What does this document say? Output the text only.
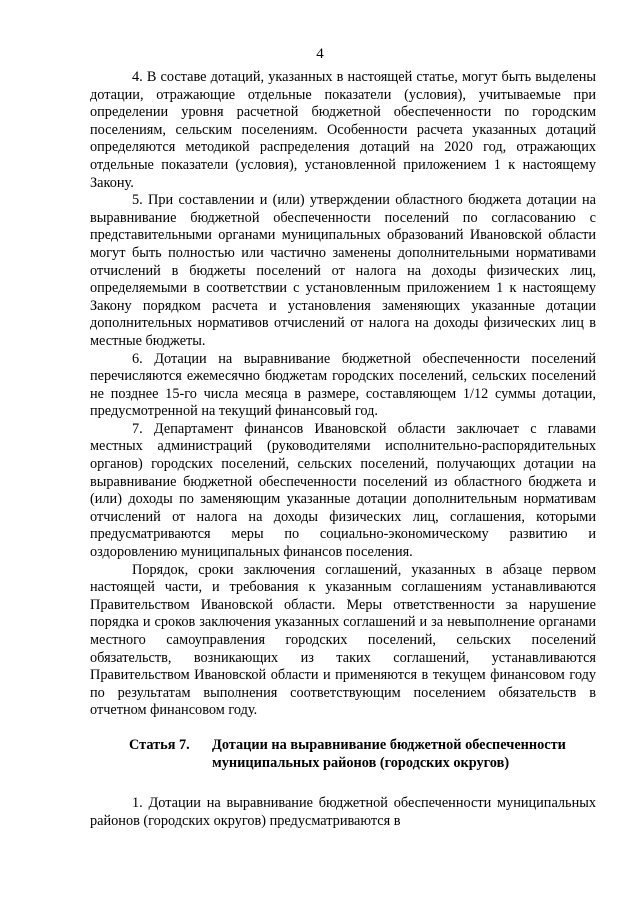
4

4. В составе дотаций, указанных в настоящей статье, могут быть выделены дотации, отражающие отдельные показатели (условия), учитываемые при определении уровня расчетной бюджетной обеспеченности по городским поселениям, сельским поселениям. Особенности расчета указанных дотаций определяются методикой распределения дотаций на 2020 год, отражающих отдельные показатели (условия), установленной приложением 1 к настоящему Закону.

5. При составлении и (или) утверждении областного бюджета дотации на выравнивание бюджетной обеспеченности поселений по согласованию с представительными органами муниципальных образований Ивановской области могут быть полностью или частично заменены дополнительными нормативами отчислений в бюджеты поселений от налога на доходы физических лиц, определяемыми в соответствии с установленным приложением 1 к настоящему Закону порядком расчета и установления заменяющих указанные дотации дополнительных нормативов отчислений от налога на доходы физических лиц в местные бюджеты.

6. Дотации на выравнивание бюджетной обеспеченности поселений перечисляются ежемесячно бюджетам городских поселений, сельских поселений не позднее 15-го числа месяца в размере, составляющем 1/12 суммы дотации, предусмотренной на текущий финансовый год.

7. Департамент финансов Ивановской области заключает с главами местных администраций (руководителями исполнительно-распорядительных органов) городских поселений, сельских поселений, получающих дотации на выравнивание бюджетной обеспеченности поселений из областного бюджета и (или) доходы по заменяющим указанные дотации дополнительным нормативам отчислений от налога на доходы физических лиц, соглашения, которыми предусматриваются меры по социально-экономическому развитию и оздоровлению муниципальных финансов поселения.

Порядок, сроки заключения соглашений, указанных в абзаце первом настоящей части, и требования к указанным соглашениям устанавливаются Правительством Ивановской области. Меры ответственности за нарушение порядка и сроков заключения указанных соглашений и за невыполнение органами местного самоуправления городских поселений, сельских поселений обязательств, возникающих из таких соглашений, устанавливаются Правительством Ивановской области и применяются в текущем финансовом году по результатам выполнения соответствующим поселением обязательств в отчетном финансовом году.

Статья 7.	Дотации на выравнивание бюджетной обеспеченности муниципальных районов (городских округов)

1. Дотации на выравнивание бюджетной обеспеченности муниципальных районов (городских округов) предусматриваются в
